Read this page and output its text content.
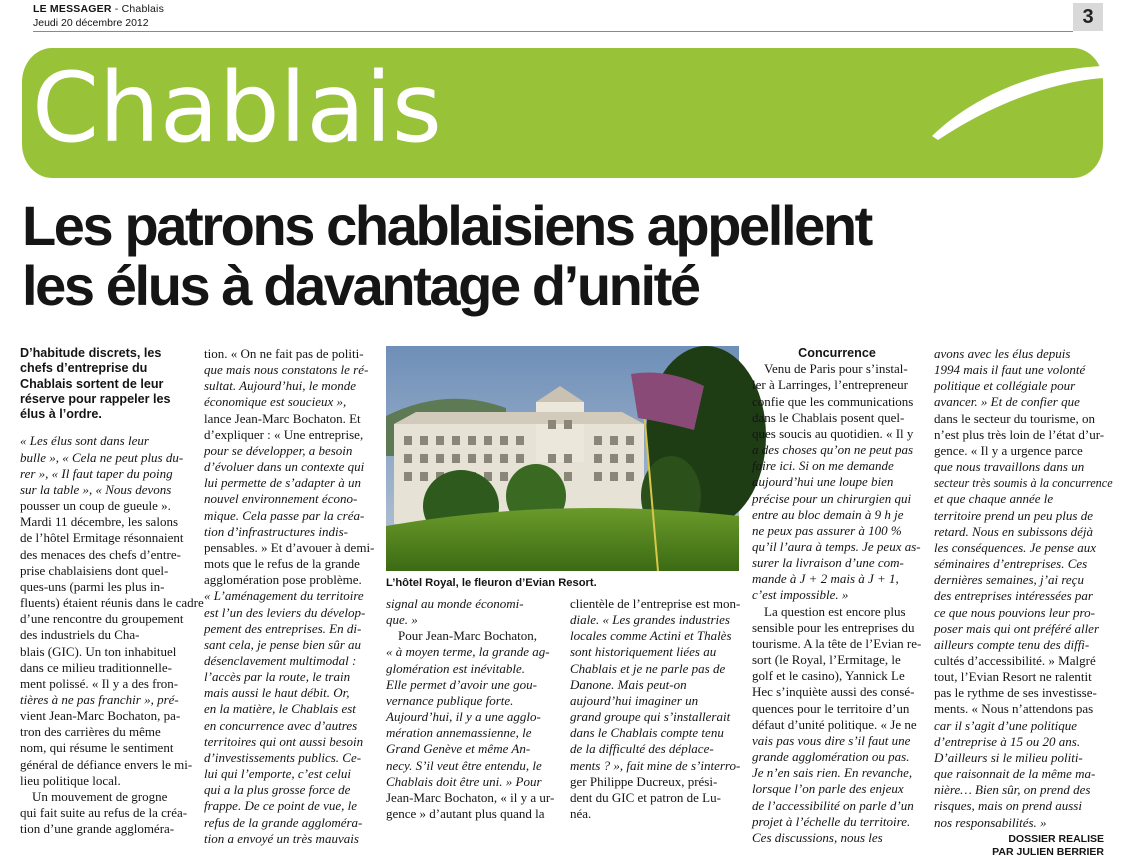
LE MESSAGER - Chablais
Jeudi 20 décembre 2012	3
Chablais
Les patrons chablaisiens appellent
les élus à davantage d’unité

D’habitude discrets, les

chefs d’entreprise du

Chablais sortent de leur

réserve pour rappeler les

élus à l’ordre.

« Les élus sont dans leur

bulle », « Cela ne peut plus du-

rer », « Il faut taper du poing

sur la table », « Nous devons

pousser un coup de gueule ».

Mardi 11 décembre, les salons

de l’hôtel Ermitage résonnaient

des menaces des chefs d’entre-

prise chablaisiens dont quel-

ques-uns (parmi les plus in-

fluents) étaient réunis dans le cadre

d’une rencontre du groupement

des industriels du Cha-

blais (GIC). Un ton inhabituel

dans ce milieu traditionnelle-

ment polissé. « Il y a des fron-

tières à ne pas franchir », pré-

vient Jean-Marc Bochaton, pa-

tron des carrières du même

nom, qui résume le sentiment

général de défiance envers le mi-

lieu politique local.

Un mouvement de grogne

qui fait suite au refus de la créa-

tion d’une grande aggloméra-

tion. « On ne fait pas de politi-

que mais nous constatons le ré-

sultat. Aujourd’hui, le monde

économique est soucieux »,

lance Jean-Marc Bochaton. Et

d’expliquer : « Une entreprise,

pour se développer, a besoin

d’évoluer dans un contexte qui

lui permette de s’adapter à un

nouvel environnement écono-

mique. Cela passe par la créa-

tion d’infrastructures indis-

pensables. » Et d’avouer à demi-

mots que le refus de la grande

agglomération pose problème.

« L’aménagement du territoire

est l’un des leviers du dévelop-

pement des entreprises. En di-

sant cela, je pense bien sûr au

désenclavement multimodal :

l’accès par la route, le train

mais aussi le haut débit. Or,

en la matière, le Chablais est

en concurrence avec d’autres

territoires qui ont aussi besoin

d’investissements publics. Ce-

lui qui l’emporte, c’est celui

qui a la plus grosse force de

frappe. De ce point de vue, le

refus de la grande aggloméra-

tion a envoyé un très mauvais

L’hôtel Royal, le fleuron d’Evian Resort.

signal au monde économi-

que. »

Pour Jean-Marc Bochaton,

« à moyen terme, la grande ag-

glomération est inévitable.

Elle permet d’avoir une gou-

vernance publique forte.

Aujourd’hui, il y a une agglo-

mération annemassienne, le

Grand Genève et même An-

necy. S’il veut être entendu, le

Chablais doit être uni. » Pour

Jean-Marc Bochaton, « il y a ur-

gence » d’autant plus quand la

clientèle de l’entreprise est mon-

diale. « Les grandes industries

locales comme Actini et Thalès

sont historiquement liées au

Chablais et je ne parle pas de

Danone. Mais peut-on

aujourd’hui imaginer un

grand groupe qui s’installerait

dans le Chablais compte tenu

de la difficulté des déplace-

ments ? », fait mine de s’interro-

ger Philippe Ducreux, prési-

dent du GIC et patron de Lu-

néa.

Concurrence

Venu de Paris pour s’instal-

ler à Larringes, l’entrepreneur

confie que les communications

dans le Chablais posent quel-

ques soucis au quotidien. « Il y

a des choses qu’on ne peut pas

faire ici. Si on me demande

aujourd’hui une loupe bien

précise pour un chirurgien qui

entre au bloc demain à 9 h je

ne peux pas assurer à 100 %

qu’il l’aura à temps. Je peux as-

surer la livraison d’une com-

mande à J + 2 mais à J + 1,

c’est impossible. »

La question est encore plus

sensible pour les entreprises du

tourisme. A la tête de l’Evian re-

sort (le Royal, l’Ermitage, le

golf et le casino), Yannick Le

Hec s’inquiète aussi des consé-

quences pour le territoire d’un

défaut d’unité politique. « Je ne

vais pas vous dire s’il faut une

grande agglomération ou pas.

Je n’en sais rien. En revanche,

lorsque l’on parle des enjeux

de l’accessibilité on parle d’un

projet à l’échelle du territoire.

Ces discussions, nous les

avons avec les élus depuis

1994 mais il faut une volonté

politique et collégiale pour

avancer. » Et de confier que

dans le secteur du tourisme, on

n’est plus très loin de l’état d’ur-

gence. « Il y a urgence parce

que nous travaillons dans un

secteur très soumis à la concurrence

et que chaque année le

territoire prend un peu plus de

retard. Nous en subissons déjà

les conséquences. Je pense aux

séminaires d’entreprises. Ces

dernières semaines, j’ai reçu

des entreprises intéressées par

ce que nous pouvions leur pro-

poser mais qui ont préféré aller

ailleurs compte tenu des diffi-

cultés d’accessibilité. » Malgré

tout, l’Evian Resort ne ralentit

pas le rythme de ses investisse-

ments. « Nous n’attendons pas

car il s’agit d’une politique

d’entreprise à 15 ou 20 ans.

D’ailleurs si le milieu politi-

que raisonnait de la même ma-

nière… Bien sûr, on prend des

risques, mais on prend aussi

nos responsabilités. »

DOSSIER REALISE

PAR JULIEN BERRIER
